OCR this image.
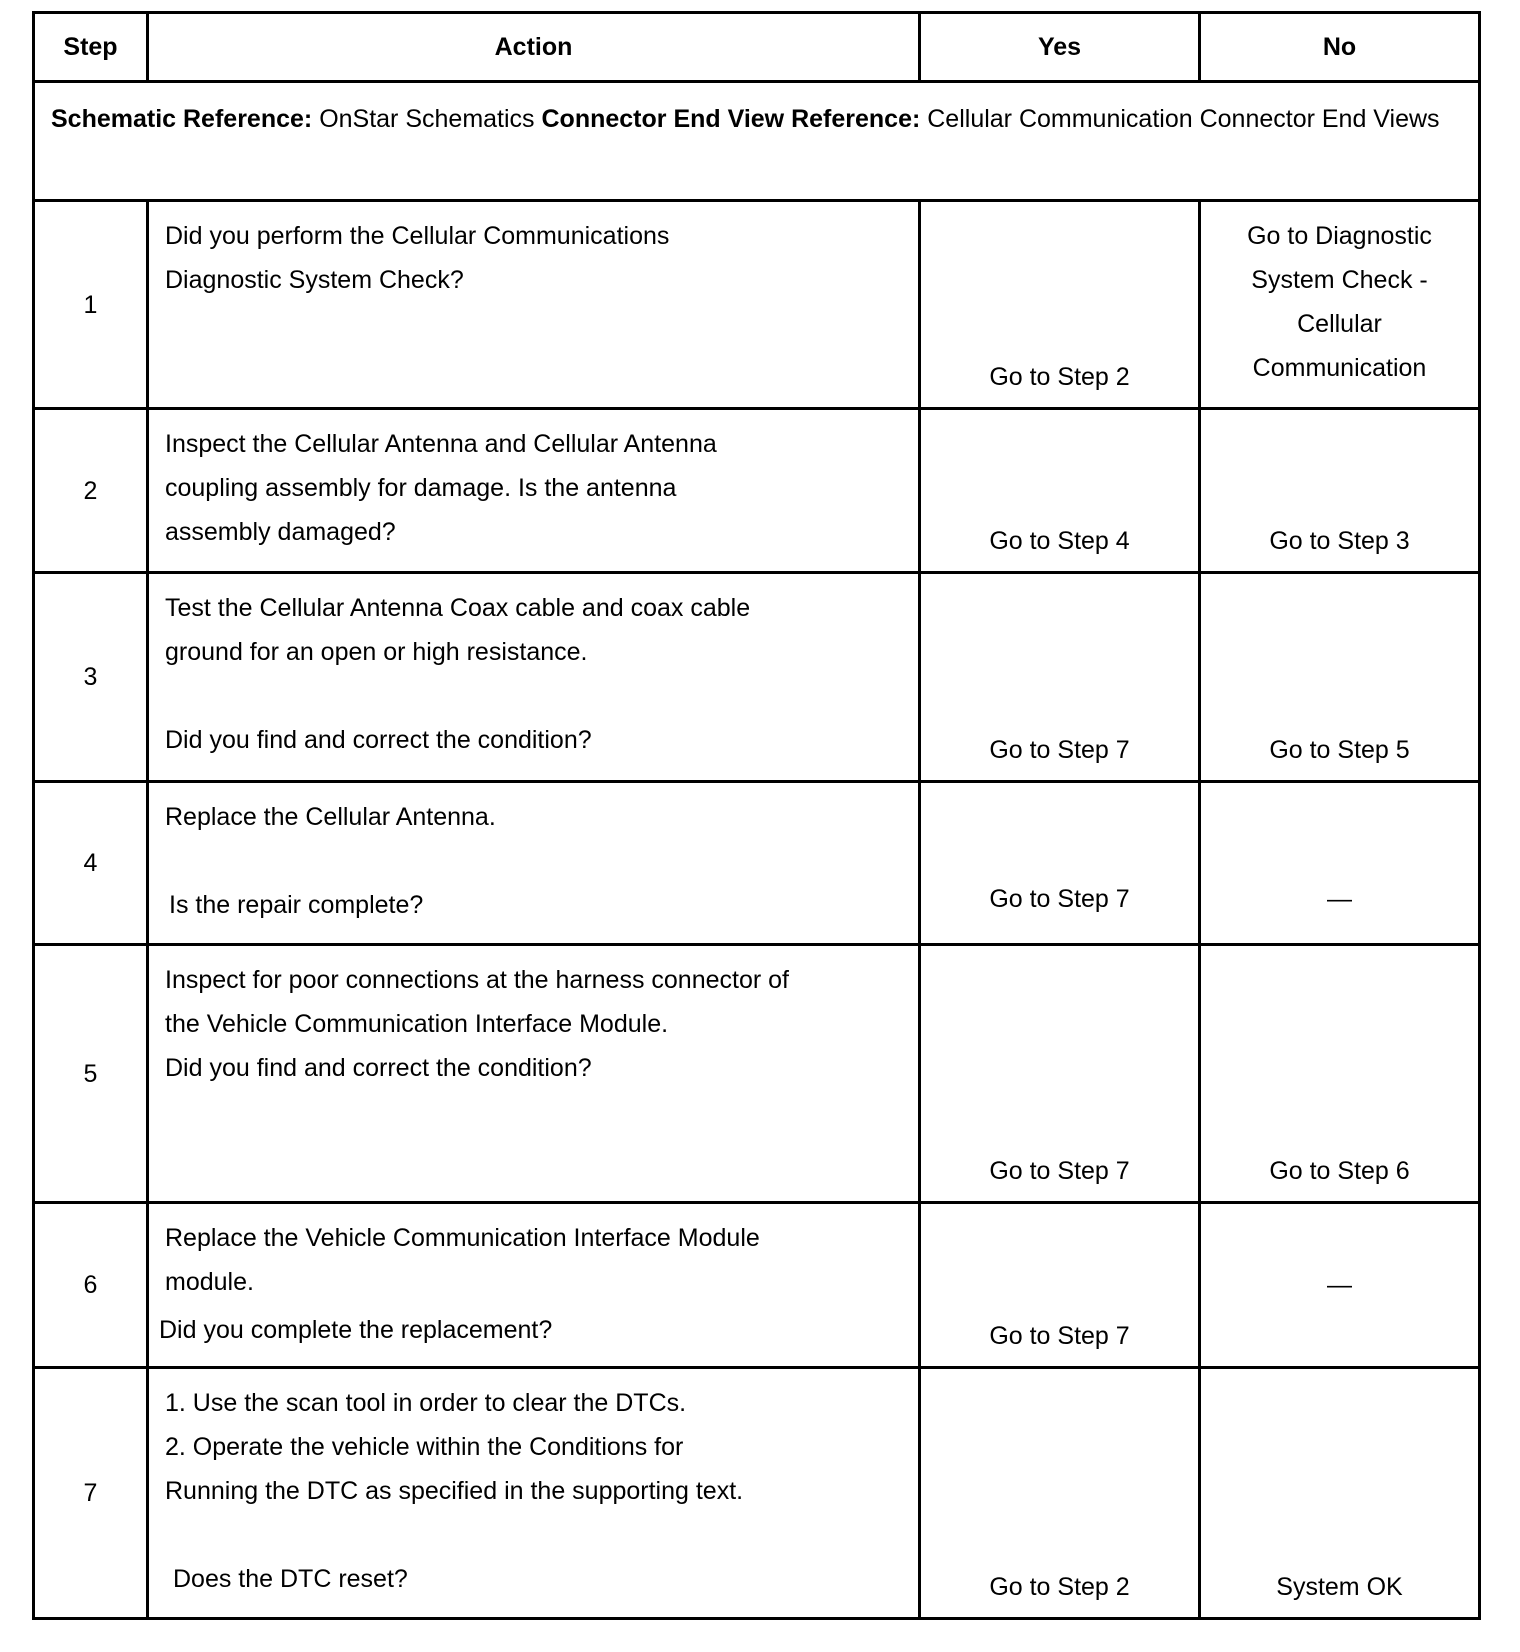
Step	Action	Yes	No
Schematic Reference: OnStar Schematics Connector End View Reference: Cellular Communication Connector End Views			
1	Did you perform the Cellular Communications
Diagnostic System Check?	Go to Step 2	Go to Diagnostic System Check - Cellular Communication
2	Inspect the Cellular Antenna and Cellular Antenna
coupling assembly for damage. Is the antenna
assembly damaged?	Go to Step 4	Go to Step 3
3	Test the Cellular Antenna Coax cable and coax cable
ground for an open or high resistance.
Did you find and correct the condition?	Go to Step 7	Go to Step 5
4	Replace the Cellular Antenna.
Is the repair complete?	Go to Step 7	—
5	Inspect for poor connections at the harness connector of
the Vehicle Communication Interface Module.
Did you find and correct the condition?	Go to Step 7	Go to Step 6
6	Replace the Vehicle Communication Interface Module
module.
Did you complete the replacement?	Go to Step 7	—
7	1. Use the scan tool in order to clear the DTCs.
2. Operate the vehicle within the Conditions for
Running the DTC as specified in the supporting text.
Does the DTC reset?	Go to Step 2	System OK
